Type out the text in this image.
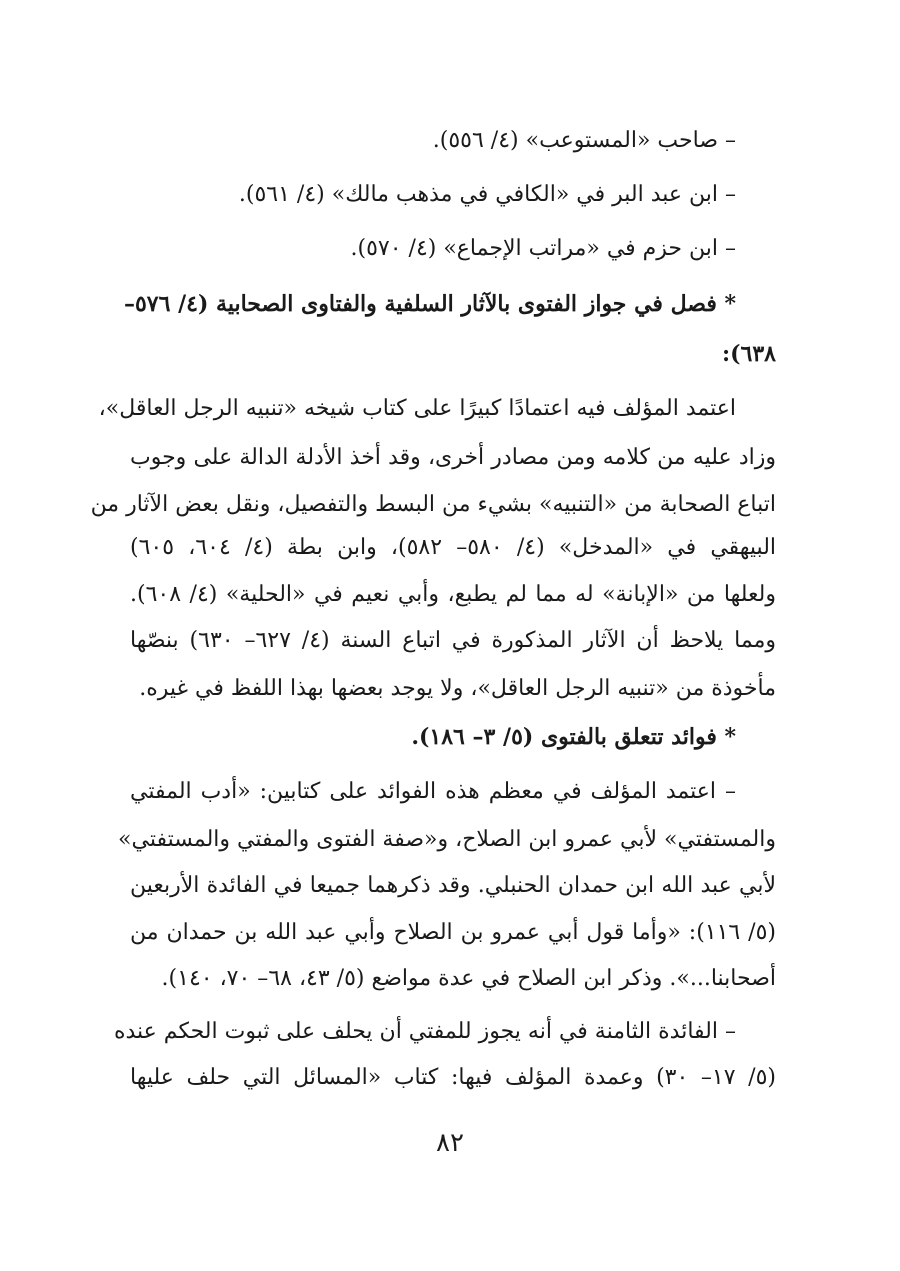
– صاحب «المستوعب» (٤/ ٥٥٦).
– ابن عبد البر في «الكافي في مذهب مالك» (٤/ ٥٦١).
– ابن حزم في «مراتب الإجماع» (٤/ ٥٧٠).
* فصل في جواز الفتوى بالآثار السلفية والفتاوى الصحابية (٤/ ٥٧٦–
٦٣٨):
اعتمد المؤلف فيه اعتمادًا كبيرًا على كتاب شيخه «تنبيه الرجل العاقل»،
وزاد عليه من كلامه ومن مصادر أخرى، وقد أخذ الأدلة الدالة على وجوب
اتباع الصحابة من «التنبيه» بشيء من البسط والتفصيل، ونقل بعض الآثار من
البيهقي في «المدخل» (٤/ ٥٨٠– ٥٨٢)، وابن بطة (٤/ ٦٠٤، ٦٠٥)
ولعلها من «الإبانة» له مما لم يطبع، وأبي نعيم في «الحلية» (٤/ ٦٠٨).
ومما يلاحظ أن الآثار المذكورة في اتباع السنة (٤/ ٦٢٧– ٦٣٠) بنصّها
مأخوذة من «تنبيه الرجل العاقل»، ولا يوجد بعضها بهذا اللفظ في غيره.
* فوائد تتعلق بالفتوى (٥/ ٣– ١٨٦).
– اعتمد المؤلف في معظم هذه الفوائد على كتابين: «أدب المفتي
والمستفتي» لأبي عمرو ابن الصلاح، و«صفة الفتوى والمفتي والمستفتي»
لأبي عبد الله ابن حمدان الحنبلي. وقد ذكرهما جميعا في الفائدة الأربعين
(٥/ ١١٦): «وأما قول أبي عمرو بن الصلاح وأبي عبد الله بن حمدان من
أصحابنا...». وذكر ابن الصلاح في عدة مواضع (٥/ ٤٣، ٦٨– ٧٠، ١٤٠).
– الفائدة الثامنة في أنه يجوز للمفتي أن يحلف على ثبوت الحكم عنده
(٥/ ١٧– ٣٠) وعمدة المؤلف فيها: كتاب «المسائل التي حلف عليها
٨٢
